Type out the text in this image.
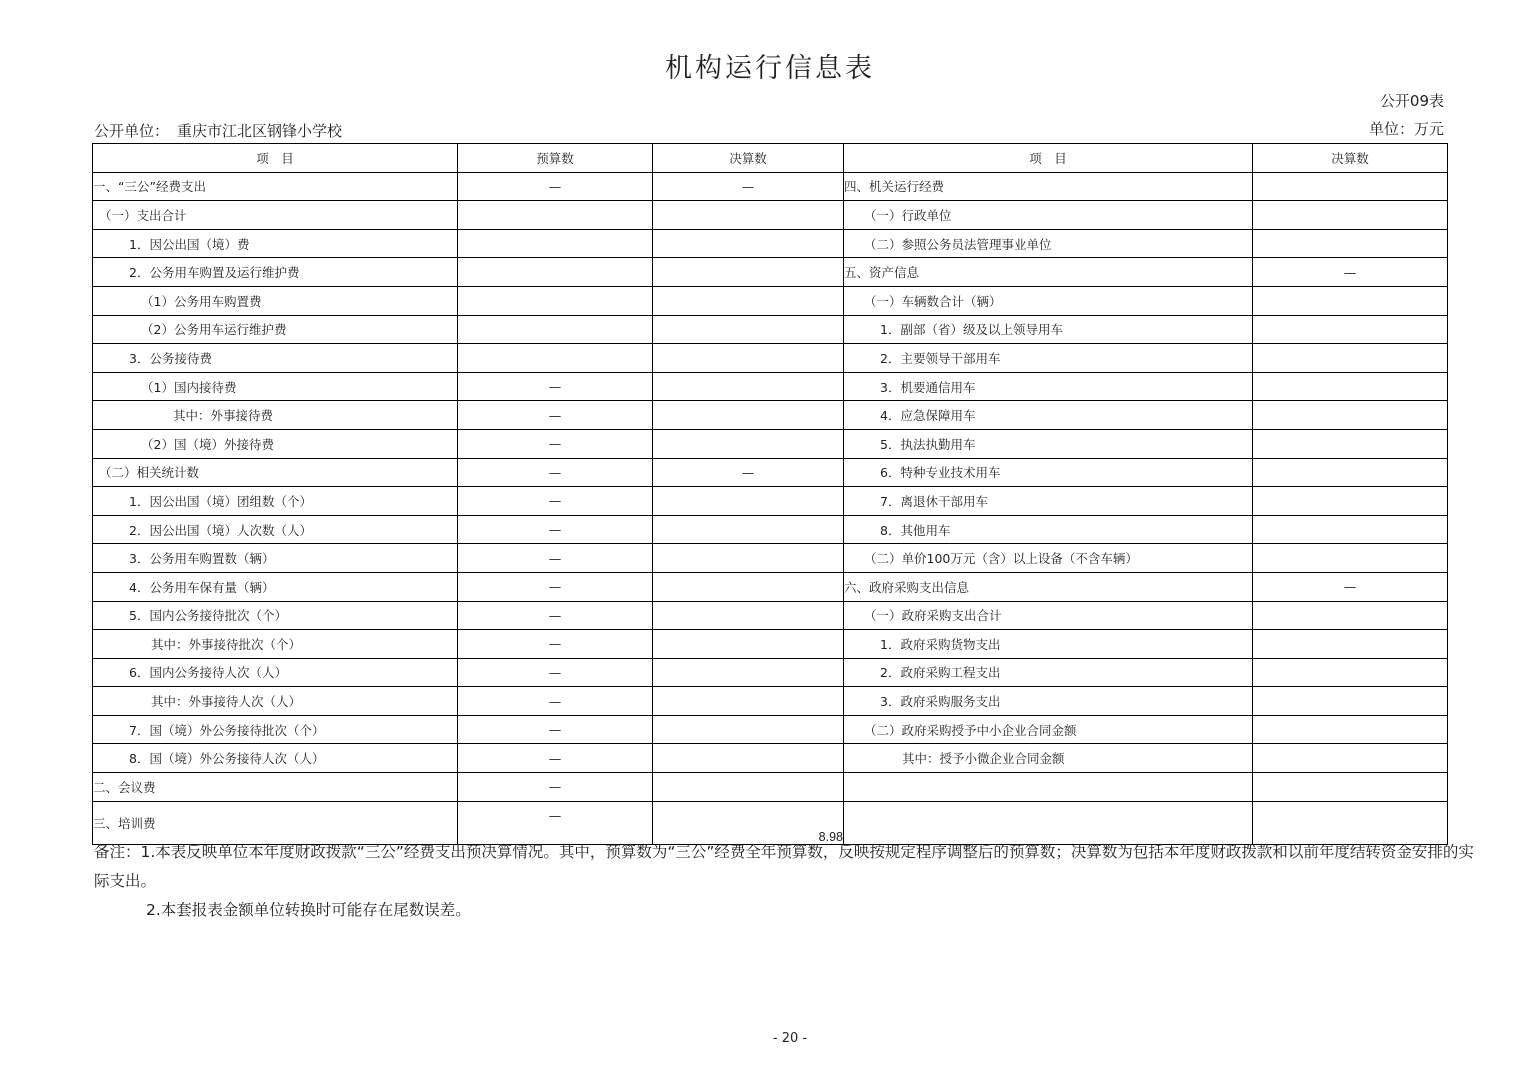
机构运行信息表
公开09表
公开单位： 重庆市江北区钢锋小学校	单位：万元
项　目	预算数	决算数	项　目	决算数
一、“三公”经费支出	—	—	四、机关运行经费	
（一）支出合计			（一）行政单位	
1．因公出国（境）费			（二）参照公务员法管理事业单位	
2．公务用车购置及运行维护费			五、资产信息	—
（1）公务用车购置费			（一）车辆数合计（辆）	
（2）公务用车运行维护费			1．副部（省）级及以上领导用车	
3．公务接待费			2．主要领导干部用车	
（1）国内接待费	—		3．机要通信用车	
其中：外事接待费	—		4．应急保障用车	
（2）国（境）外接待费	—		5．执法执勤用车	
（二）相关统计数	—	—	6．特种专业技术用车	
1．因公出国（境）团组数（个）	—		7．离退休干部用车	
2．因公出国（境）人次数（人）	—		8．其他用车	
3．公务用车购置数（辆）	—		（二）单价100万元（含）以上设备（不含车辆）	
4．公务用车保有量（辆）	—		六、政府采购支出信息	—
5．国内公务接待批次（个）	—		（一）政府采购支出合计	
其中：外事接待批次（个）	—		1．政府采购货物支出	
6．国内公务接待人次（人）	—		2．政府采购工程支出	
其中：外事接待人次（人）	—		3．政府采购服务支出	
7．国（境）外公务接待批次（个）	—		（二）政府采购授予中小企业合同金额	
8．国（境）外公务接待人次（人）	—		其中：授予小微企业合同金额	
二、会议费	—			
三、培训费	—	8.98		

备注：1.本表反映单位本年度财政拨款“三公”经费支出预决算情况。其中，预算数为“三公”经费全年预算数，反映按规定程序调整后的预算数；决算数为包括本年度财政拨款和以前年度结转资金安排的实际支出。

2.本套报表金额单位转换时可能存在尾数误差。

- 20 -
